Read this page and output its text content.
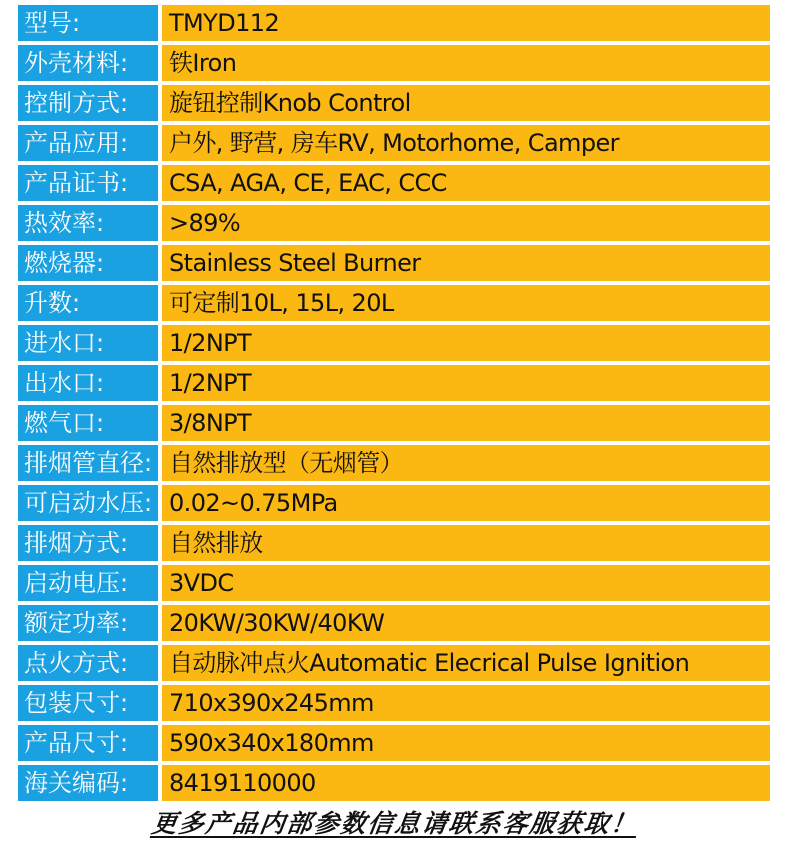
型号:	TMYD112
外壳材料:	铁Iron
控制方式:	旋钮控制Knob Control
产品应用:	户外, 野营, 房车RV, Motorhome, Camper
产品证书:	CSA, AGA, CE, EAC, CCC
热效率:	>89%
燃烧器:	Stainless Steel Burner
升数:	可定制10L, 15L, 20L
进水口:	1/2NPT
出水口:	1/2NPT
燃气口:	3/8NPT
排烟管直径: 自然排放型（无烟管）
可启动水压: 0.02~0.75MPa
排烟方式:	自然排放
启动电压:	3VDC
额定功率:	20KW/30KW/40KW
点火方式:	自动脉冲点火Automatic Elecrical Pulse Ignition
包装尺寸:	710x390x245mm
产品尺寸:	590x340x180mm
海关编码:	8419110000
更多产品内部参数信息请联系客服获取！
